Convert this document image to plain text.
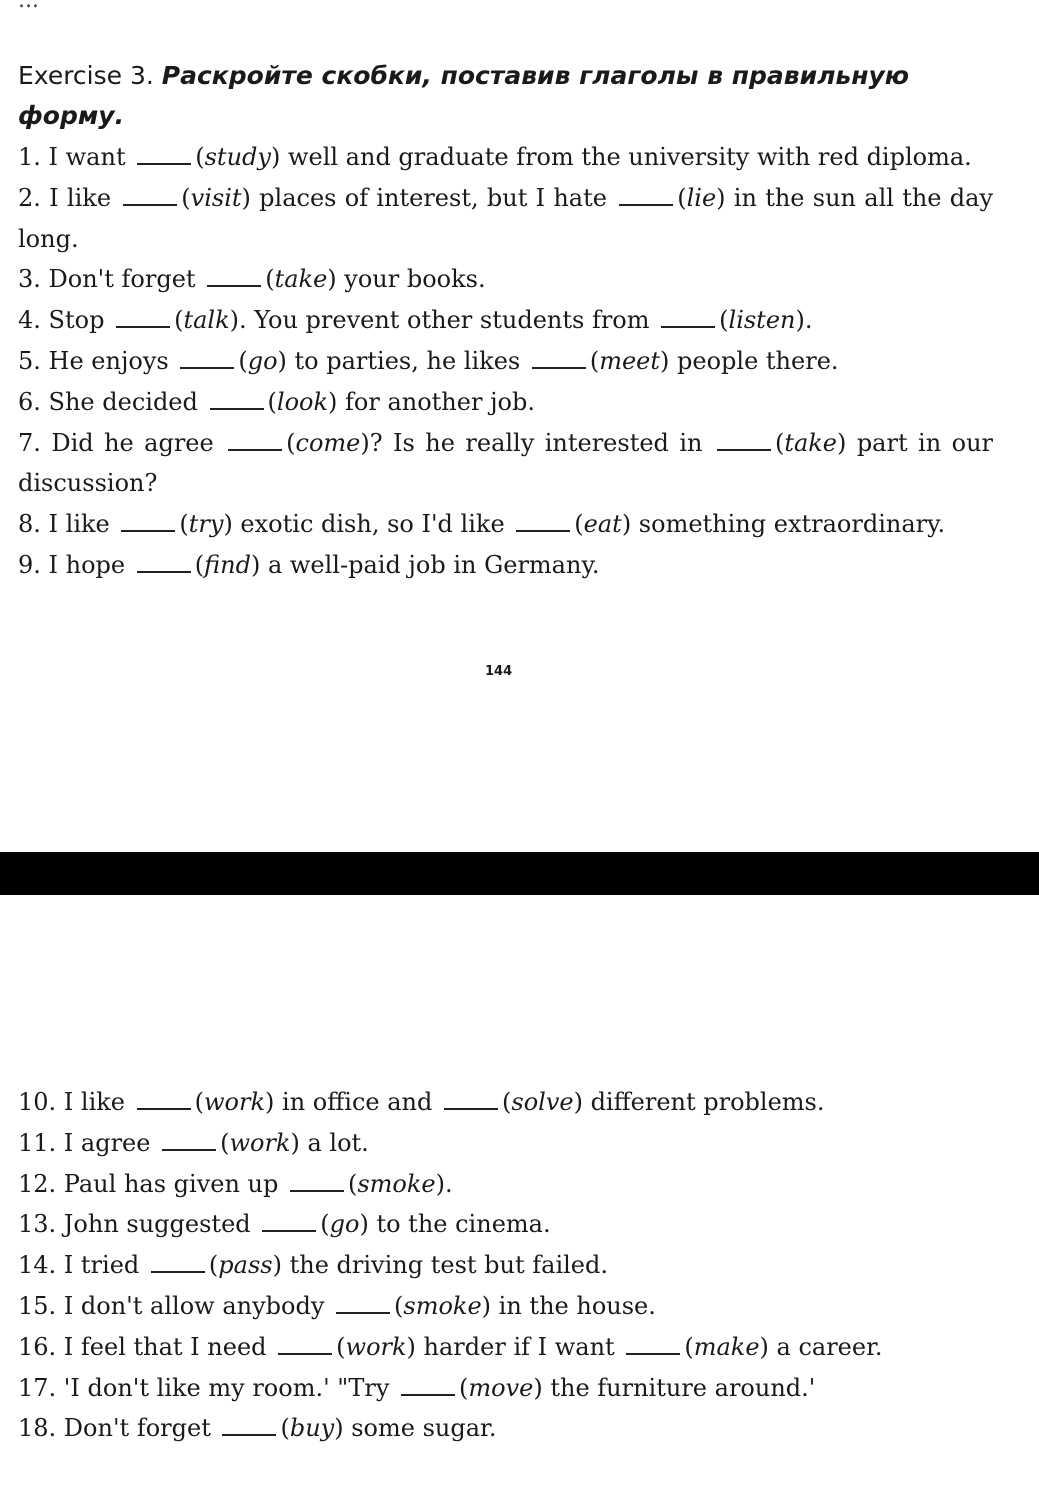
...
Exercise 3. Раскройте скобки, поставив глаголы в правильную форму.
1. I want	(study) well and graduate from the university with red diploma.
2. I like	(visit) places of interest, but I hate	(lie) in the sun all the day long.
3. Don't forget	(take) your books.
4. Stop	(talk). You prevent other students from	(listen).
5. He enjoys	(go) to parties, he likes	(meet) people there.
6. She decided	(look) for another job.
7. Did he agree	(come)? Is he really interested in	(take) part in our discussion?
8. I like	(try) exotic dish, so I'd like	(eat) something extraordinary.
9. I hope	(find) a well-paid job in Germany.
144
10. I like	(work) in office and	(solve) different problems.
11. I agree	(work) a lot.
12. Paul has given up	(smoke).
13. John suggested	(go) to the cinema.
14. I tried	(pass) the driving test but failed.
15. I don't allow anybody	(smoke) in the house.
16. I feel that I need	(work) harder if I want	(make) a career.
17. 'I don't like my room.' "Try	(move) the furniture around.'
18. Don't forget	(buy) some sugar.
